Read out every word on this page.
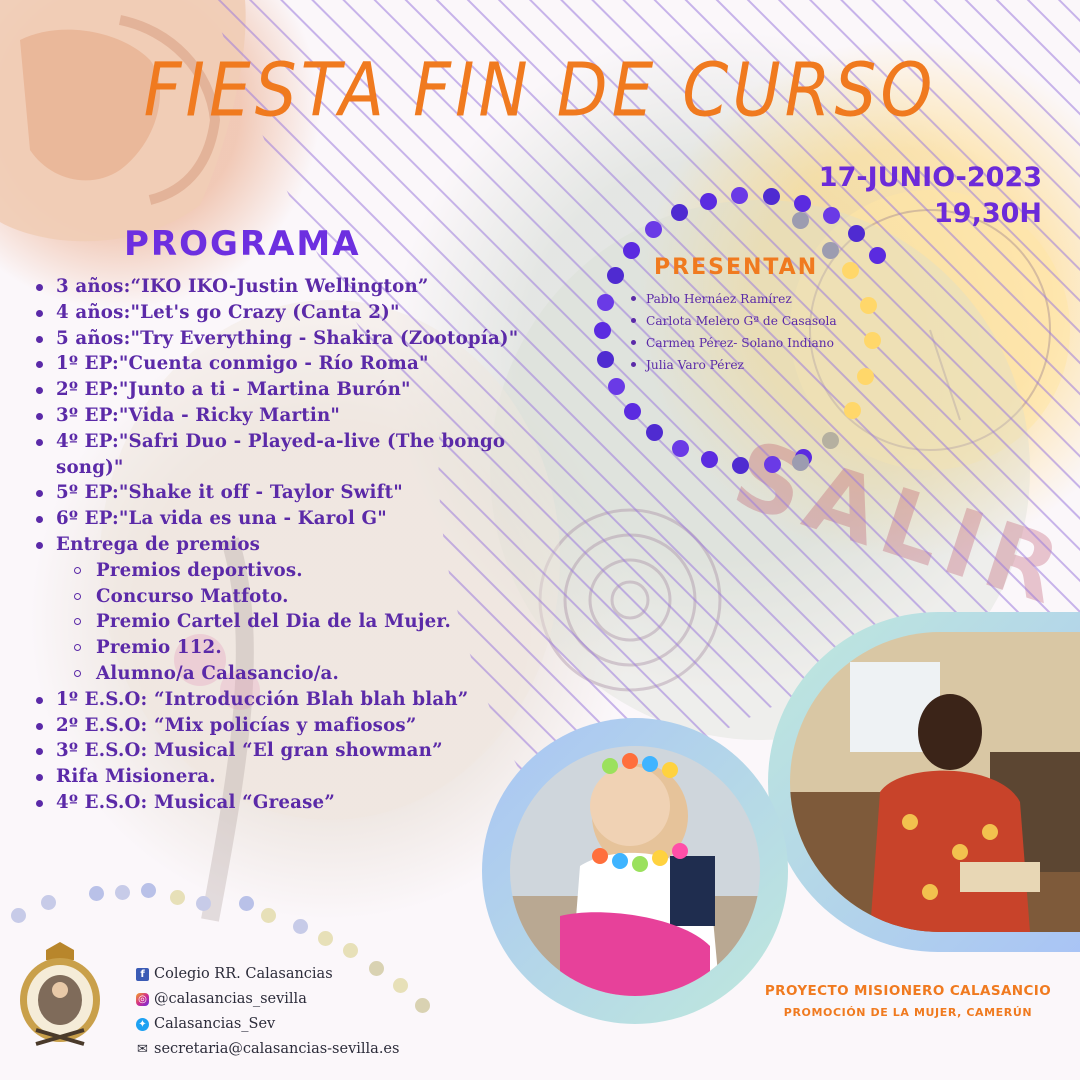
FIESTA FIN DE CURSO
17-JUNIO-2023
19,30H
PROGRAMA
3 años:“IKO IKO-Justin Wellington”
4 años:"Let's go Crazy (Canta 2)"
5 años:"Try Everything - Shakira (Zootopía)"
1º EP:"Cuenta conmigo - Río Roma"
2º EP:"Junto a ti - Martina Burón"
3º EP:"Vida - Ricky Martin"
4º EP:"Safri Duo - Played-a-live (The bongo song)"
5º EP:"Shake it off - Taylor Swift"
6º EP:"La vida es una - Karol G"
Entrega de premios
Premios deportivos.
Concurso Matfoto.
Premio Cartel del Dia de la Mujer.
Premio 112.
Alumno/a Calasancio/a.
1º E.S.O: “Introducción Blah blah blah”
2º E.S.O: “Mix policías y mafiosos”
3º E.S.O: Musical “El gran showman”
Rifa Misionera.
4º E.S.O: Musical “Grease”
PRESENTAN
Pablo Hernáez Ramírez
Carlota Melero Gª de Casasola
Carmen Pérez- Solano Indiano
Julia Varo Pérez
f Colegio RR. Calasancias
◎ @calasancias_sevilla
✦ Calasancias_Sev
✉ secretaria@calasancias-sevilla.es
PROYECTO MISIONERO CALASANCIO
PROMOCIÓN DE LA MUJER, CAMERÚN
